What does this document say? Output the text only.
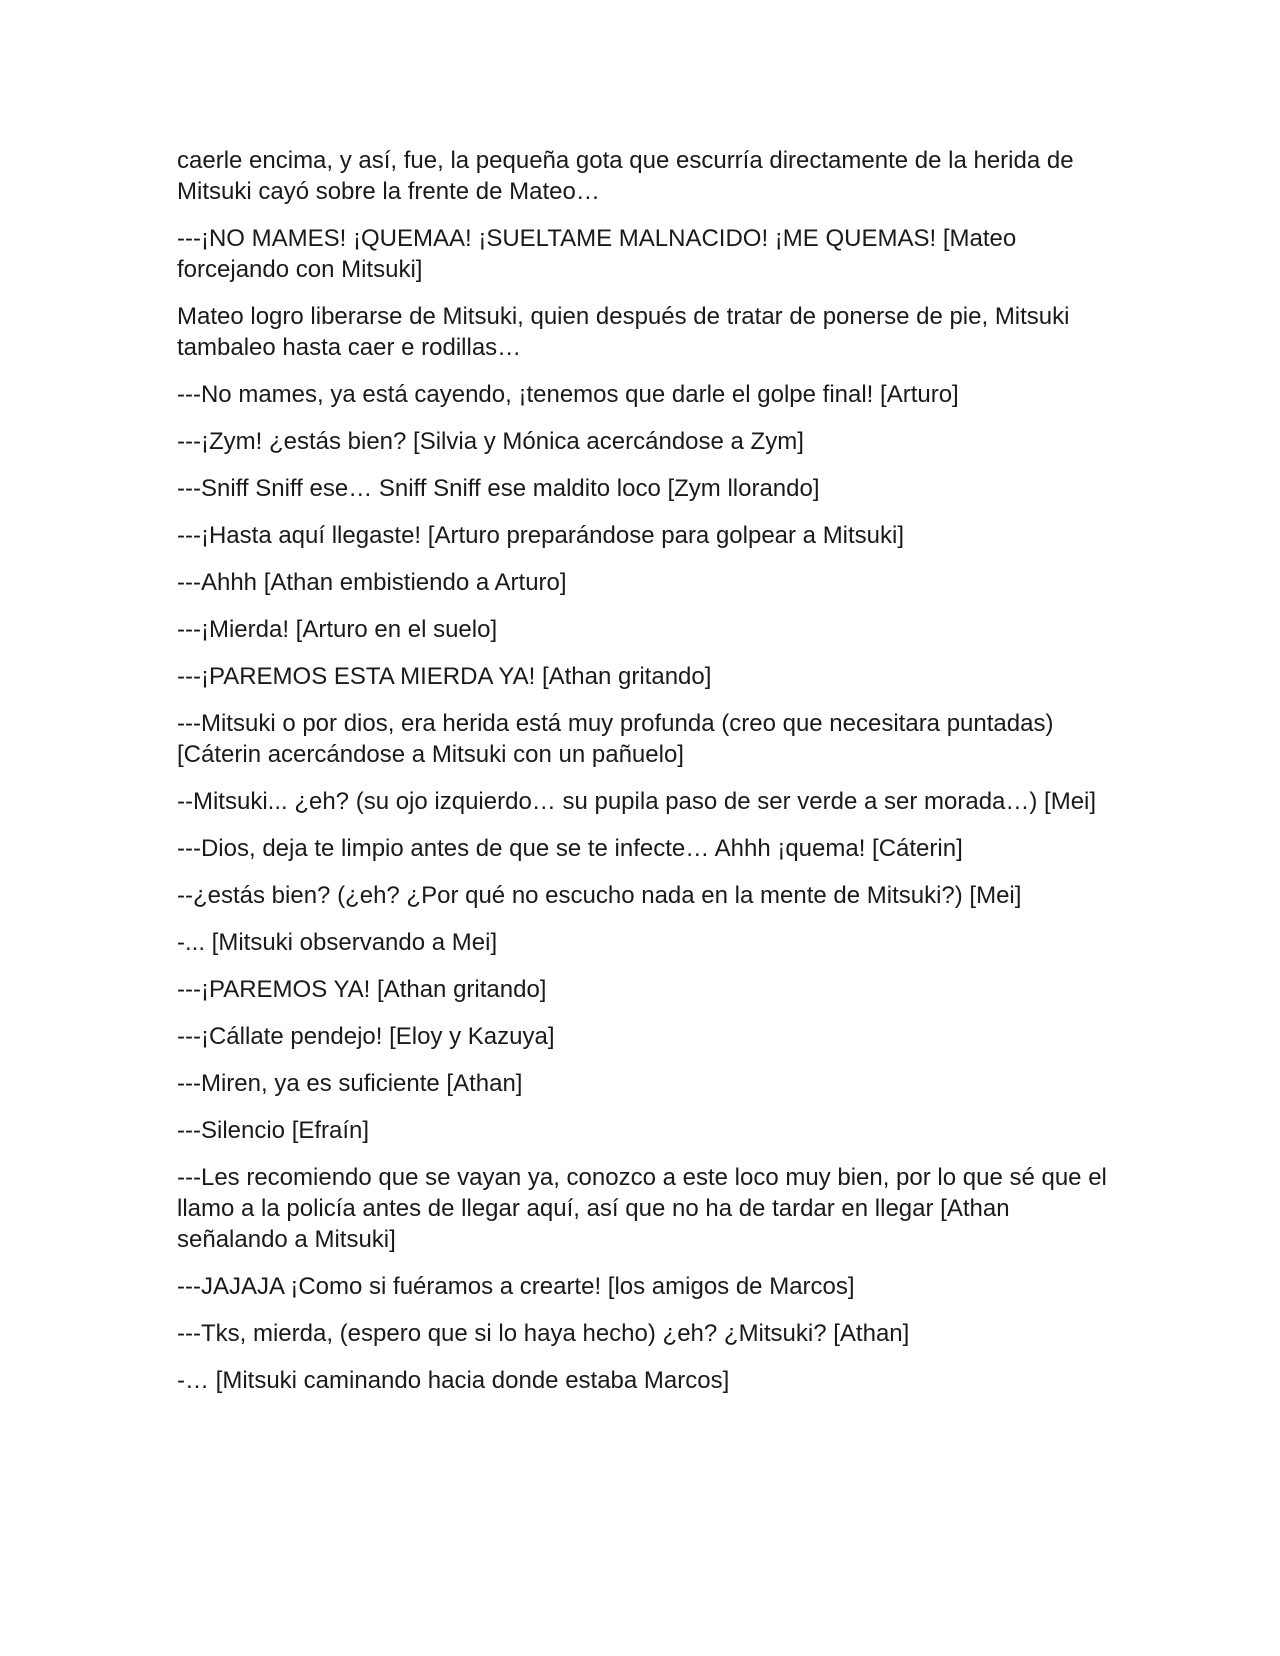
caerle encima, y así, fue, la pequeña gota que escurría directamente de la herida de Mitsuki cayó sobre la frente de Mateo…

---¡NO MAMES! ¡QUEMAA! ¡SUELTAME MALNACIDO! ¡ME QUEMAS! [Mateo forcejando con Mitsuki]

Mateo logro liberarse de Mitsuki, quien después de tratar de ponerse de pie, Mitsuki tambaleo hasta caer e rodillas…

---No mames, ya está cayendo, ¡tenemos que darle el golpe final! [Arturo]

---¡Zym! ¿estás bien? [Silvia y Mónica acercándose a Zym]

---Sniff Sniff ese… Sniff Sniff ese maldito loco [Zym llorando]

---¡Hasta aquí llegaste! [Arturo preparándose para golpear a Mitsuki]

---Ahhh [Athan embistiendo a Arturo]

---¡Mierda! [Arturo en el suelo]

---¡PAREMOS ESTA MIERDA YA! [Athan gritando]

---Mitsuki o por dios, era herida está muy profunda (creo que necesitara puntadas) [Cáterin acercándose a Mitsuki con un pañuelo]

--Mitsuki... ¿eh? (su ojo izquierdo… su pupila paso de ser verde a ser morada…) [Mei]

---Dios, deja te limpio antes de que se te infecte… Ahhh ¡quema! [Cáterin]

--¿estás bien? (¿eh? ¿Por qué no escucho nada en la mente de Mitsuki?) [Mei]

-... [Mitsuki observando a Mei]

---¡PAREMOS YA! [Athan gritando]

---¡Cállate pendejo! [Eloy y Kazuya]

---Miren, ya es suficiente [Athan]

---Silencio [Efraín]

---Les recomiendo que se vayan ya, conozco a este loco muy bien, por lo que sé que el llamo a la policía antes de llegar aquí, así que no ha de tardar en llegar [Athan señalando a Mitsuki]

---JAJAJA ¡Como si fuéramos a crearte! [los amigos de Marcos]

---Tks, mierda, (espero que si lo haya hecho) ¿eh? ¿Mitsuki? [Athan]

-… [Mitsuki caminando hacia donde estaba Marcos]
